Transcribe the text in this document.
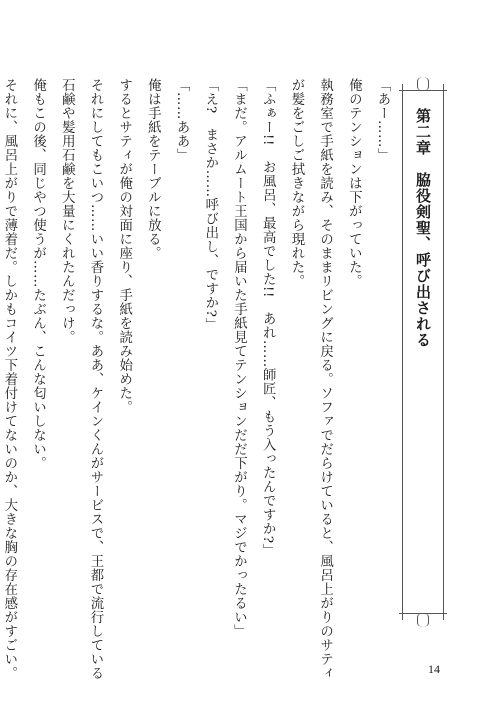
第二章　脇役剣聖、呼び出される

「あー……」

俺のテンションは下がっていた。

執務室で手紙を読み、そのままリビングに戻る。ソファでだらけていると、風呂上がりのサティ

が髪をごしご拭きながら現れた。

「ふぁー!!　お風呂、最高でした!!　あれ……師匠、もう入ったんですか?」

「まだ。アルムート王国から届いた手紙見てテンションだだ下がり。マジでかったるい」

「え?　まさか……呼び出し、ですか?」

「……ああ」

俺は手紙をテーブルに放る。

するとサティが俺の対面に座り、手紙を読み始めた。

それにしてもこいつ……いい香りするな。ああ、ケインくんがサービスで、王都で流行している

石鹸や髪用石鹸を大量にくれたんだっけ。

俺もこの後、同じやつ使うが……たぶん、こんな匂いしない。

それに、風呂上がりで薄着だ。しかもコイツ下着付けてないのか、大きな胸の存在感がすごい。	14
